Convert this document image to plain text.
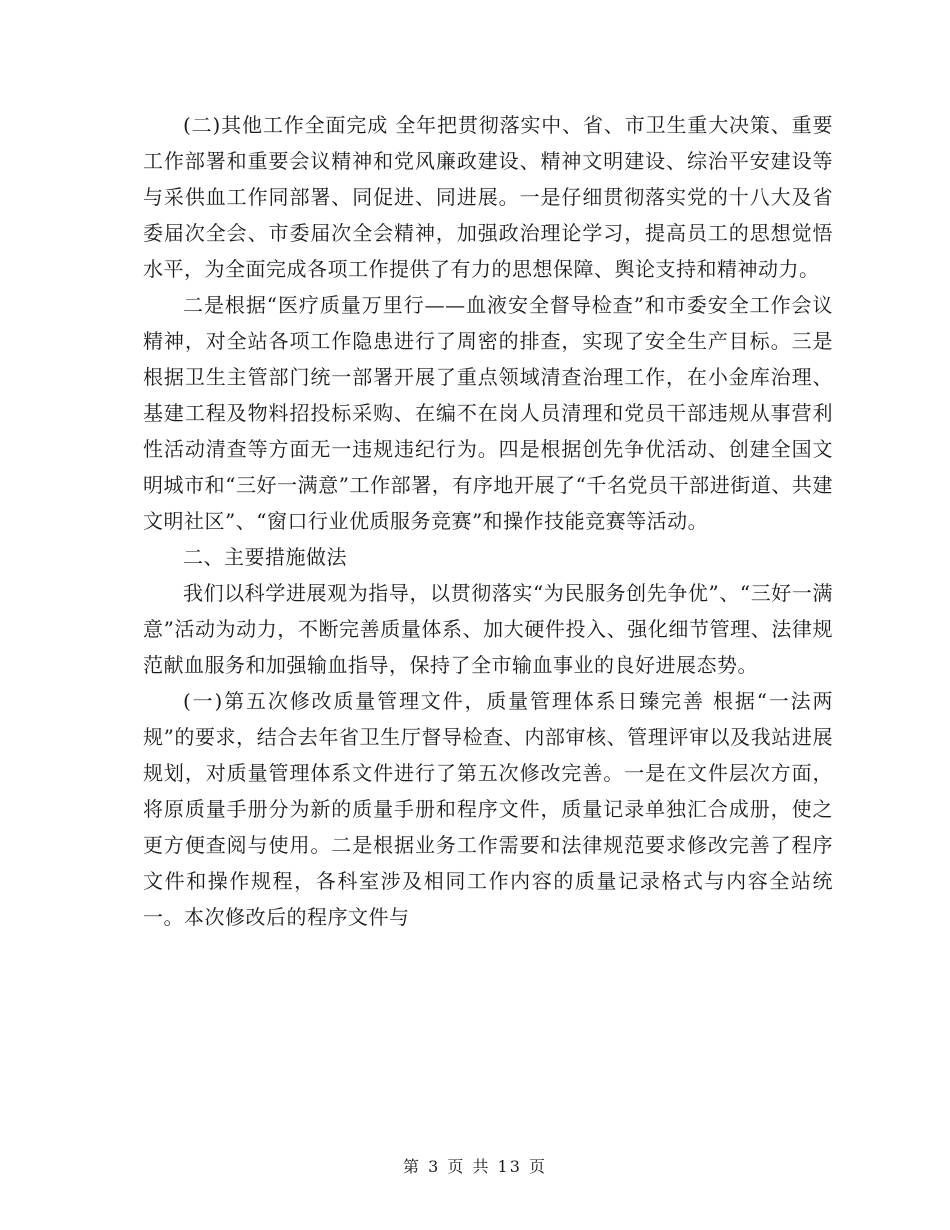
(二)其他工作全面完成 全年把贯彻落实中、省、市卫生重大决策、重要工作部署和重要会议精神和党风廉政建设、精神文明建设、综治平安建设等与采供血工作同部署、同促进、同进展。一是仔细贯彻落实党的十八大及省委届次全会、市委届次全会精神，加强政治理论学习，提高员工的思想觉悟水平，为全面完成各项工作提供了有力的思想保障、舆论支持和精神动力。

二是根据“医疗质量万里行——血液安全督导检查”和市委安全工作会议精神，对全站各项工作隐患进行了周密的排查，实现了安全生产目标。三是根据卫生主管部门统一部署开展了重点领域清查治理工作，在小金库治理、基建工程及物料招投标采购、在编不在岗人员清理和党员干部违规从事营利性活动清查等方面无一违规违纪行为。四是根据创先争优活动、创建全国文明城市和“三好一满意”工作部署，有序地开展了“千名党员干部进街道、共建文明社区”、“窗口行业优质服务竞赛”和操作技能竞赛等活动。

二、主要措施做法

我们以科学进展观为指导，以贯彻落实“为民服务创先争优”、“三好一满意”活动为动力，不断完善质量体系、加大硬件投入、强化细节管理、法律规范献血服务和加强输血指导，保持了全市输血事业的良好进展态势。

(一)第五次修改质量管理文件，质量管理体系日臻完善 根据“一法两规”的要求，结合去年省卫生厅督导检查、内部审核、管理评审以及我站进展规划，对质量管理体系文件进行了第五次修改完善。一是在文件层次方面，将原质量手册分为新的质量手册和程序文件，质量记录单独汇合成册，使之更方便查阅与使用。二是根据业务工作需要和法律规范要求修改完善了程序文件和操作规程，各科室涉及相同工作内容的质量记录格式与内容全站统一。本次修改后的程序文件与

第 3 页 共 13 页
